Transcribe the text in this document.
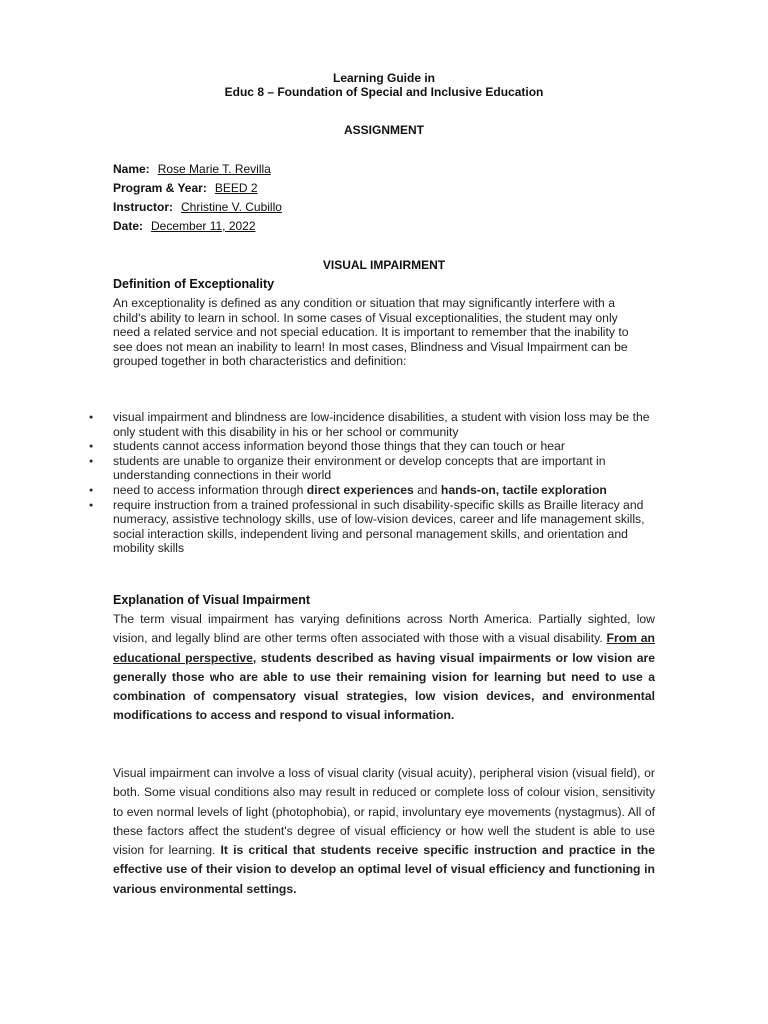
Learning Guide in
Educ 8 – Foundation of Special and Inclusive Education
ASSIGNMENT
Name: Rose Marie T. Revilla
Program & Year: BEED 2
Instructor: Christine V. Cubillo
Date: December 11, 2022
VISUAL IMPAIRMENT
Definition of Exceptionality

An exceptionality is defined as any condition or situation that may significantly interfere with a child's ability to learn in school. In some cases of Visual exceptionalities, the student may only need a related service and not special education. It is important to remember that the inability to see does not mean an inability to learn! In most cases, Blindness and Visual Impairment can be grouped together in both characteristics and definition:

● visual impairment and blindness are low-incidence disabilities, a student with vision loss may be the only student with this disability in his or her school or community
● students cannot access information beyond those things that they can touch or hear
● students are unable to organize their environment or develop concepts that are important in understanding connections in their world
● need to access information through direct experiences and hands-on, tactile exploration
● require instruction from a trained professional in such disability-specific skills as Braille literacy and numeracy, assistive technology skills, use of low-vision devices, career and life management skills, social interaction skills, independent living and personal management skills, and orientation and mobility skills
Explanation of Visual Impairment

The term visual impairment has varying definitions across North America. Partially sighted, low vision, and legally blind are other terms often associated with those with a visual disability. From an educational perspective, students described as having visual impairments or low vision are generally those who are able to use their remaining vision for learning but need to use a combination of compensatory visual strategies, low vision devices, and environmental modifications to access and respond to visual information.

Visual impairment can involve a loss of visual clarity (visual acuity), peripheral vision (visual field), or both. Some visual conditions also may result in reduced or complete loss of colour vision, sensitivity to even normal levels of light (photophobia), or rapid, involuntary eye movements (nystagmus). All of these factors affect the student's degree of visual efficiency or how well the student is able to use vision for learning. It is critical that students receive specific instruction and practice in the effective use of their vision to develop an optimal level of visual efficiency and functioning in various environmental settings.
